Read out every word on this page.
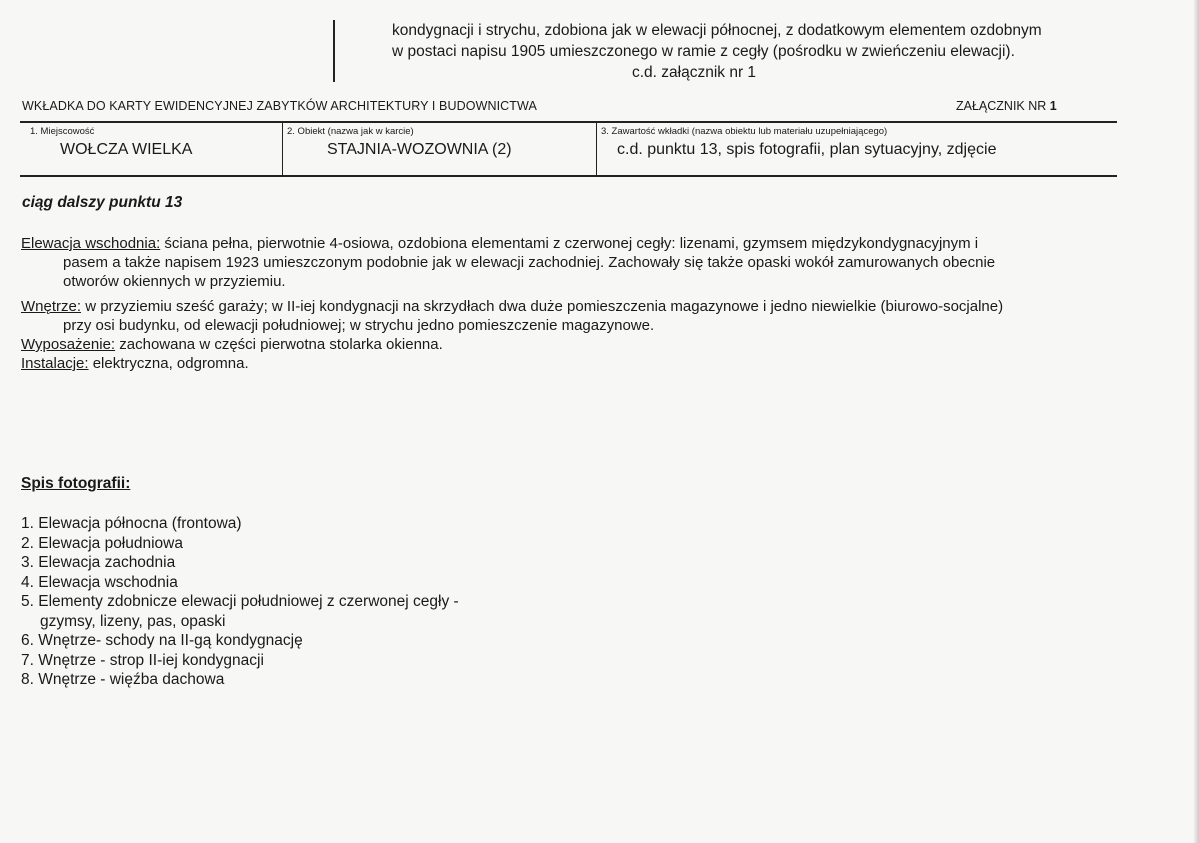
kondygnacji i strychu, zdobiona jak w elewacji północnej, z dodatkowym elementem ozdobnym
w postaci napisu 1905 umieszczonego w ramie z cegły (pośrodku w zwieńczeniu elewacji).
c.d. załącznik nr 1
WKŁADKA DO KARTY EWIDENCYJNEJ ZABYTKÓW ARCHITEKTURY I BUDOWNICTWA	ZAŁĄCZNIK NR 1
1. Miejscowość
WOŁCZA WIELKA
2. Obiekt (nazwa jak w karcie)
STAJNIA-WOZOWNIA (2)
3. Zawartość wkładki (nazwa obiektu lub materiału uzupełniającego)
c.d. punktu 13, spis fotografii, plan sytuacyjny, zdjęcie
ciąg dalszy punktu 13
Elewacja wschodnia: ściana pełna, pierwotnie 4-osiowa, ozdobiona elementami z czerwonej cegły: lizenami, gzymsem międzykondygnacyjnym i
pasem a także napisem 1923 umieszczonym podobnie jak w elewacji zachodniej. Zachowały się także opaski wokół zamurowanych obecnie
otworów okiennych w przyziemiu.
Wnętrze: w przyziemiu sześć garaży; w II-iej kondygnacji na skrzydłach dwa duże pomieszczenia magazynowe i jedno niewielkie (biurowo-socjalne)
przy osi budynku, od elewacji południowej; w strychu jedno pomieszczenie magazynowe.
Wyposażenie: zachowana w części pierwotna stolarka okienna.
Instalacje: elektryczna, odgromna.
Spis fotografii:
1. Elewacja północna (frontowa)
2. Elewacja południowa
3. Elewacja zachodnia
4. Elewacja wschodnia
5. Elementy zdobnicze elewacji południowej z czerwonej cegły -
gzymsy, lizeny, pas, opaski
6. Wnętrze- schody na II-gą kondygnację
7. Wnętrze - strop II-iej kondygnacji
8. Wnętrze - więźba dachowa
